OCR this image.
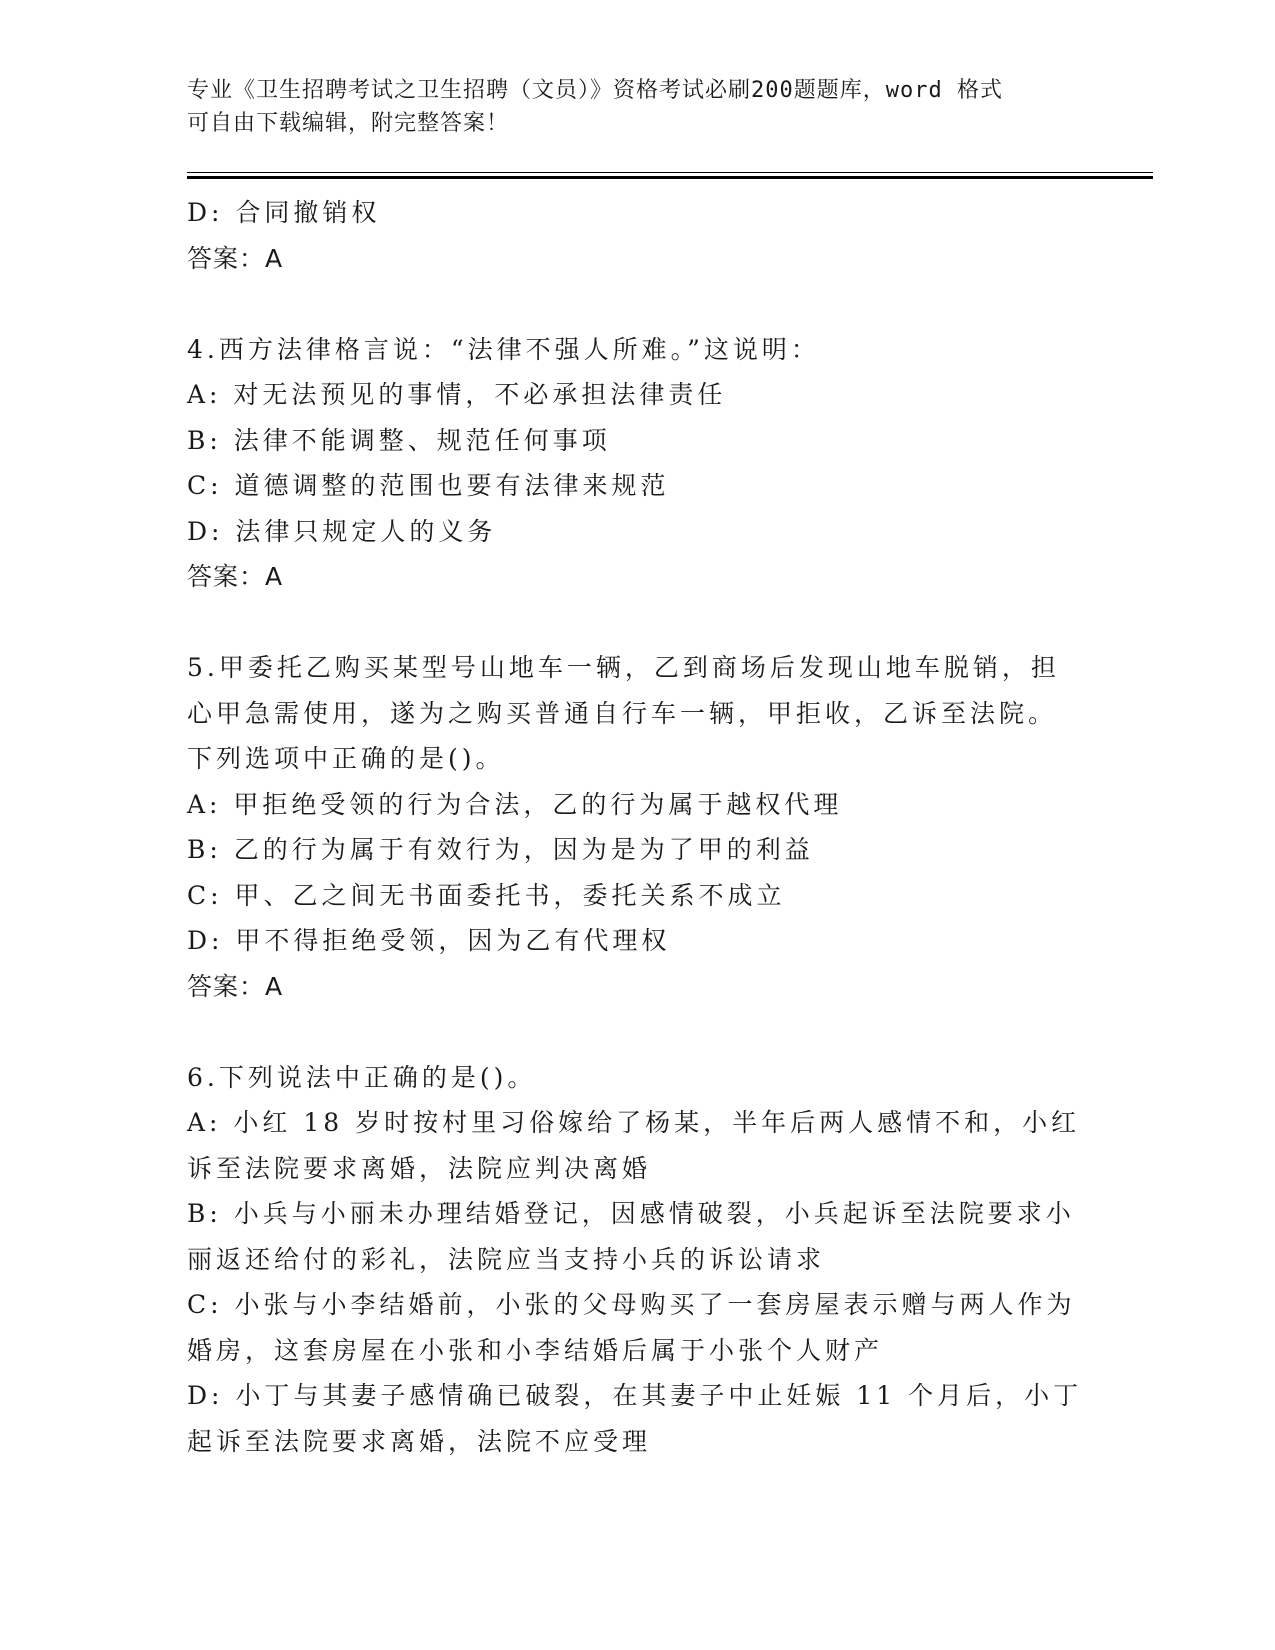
专业《卫生招聘考试之卫生招聘（文员）》资格考试必刷200题题库，word 格式
可自由下载编辑，附完整答案！
D: 合同撤销权
答案：A
4.西方法律格言说：“法律不强人所难。”这说明：
A: 对无法预见的事情，不必承担法律责任
B: 法律不能调整、规范任何事项
C: 道德调整的范围也要有法律来规范
D: 法律只规定人的义务
答案：A
5.甲委托乙购买某型号山地车一辆，乙到商场后发现山地车脱销，担
心甲急需使用，遂为之购买普通自行车一辆，甲拒收，乙诉至法院。
下列选项中正确的是()。
A: 甲拒绝受领的行为合法，乙的行为属于越权代理
B: 乙的行为属于有效行为，因为是为了甲的利益
C: 甲、乙之间无书面委托书，委托关系不成立
D: 甲不得拒绝受领，因为乙有代理权
答案：A
6.下列说法中正确的是()。
A: 小红 18 岁时按村里习俗嫁给了杨某，半年后两人感情不和，小红
诉至法院要求离婚，法院应判决离婚
B: 小兵与小丽未办理结婚登记，因感情破裂，小兵起诉至法院要求小
丽返还给付的彩礼，法院应当支持小兵的诉讼请求
C: 小张与小李结婚前，小张的父母购买了一套房屋表示赠与两人作为
婚房，这套房屋在小张和小李结婚后属于小张个人财产
D: 小丁与其妻子感情确已破裂，在其妻子中止妊娠 11 个月后，小丁
起诉至法院要求离婚，法院不应受理
